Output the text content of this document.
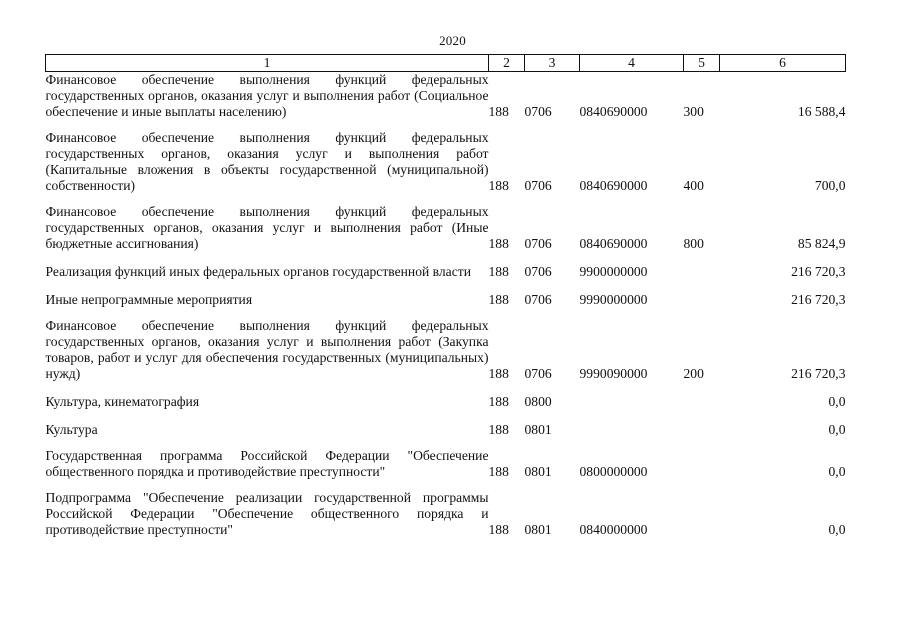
2020
1	2	3	4	5	6
Финансовое обеспечение выполнения функций федеральных государственных органов, оказания услуг и выполнения работ (Социальное обеспечение и иные выплаты населению)	188	0706	0840690000	300	16 588,4
Финансовое обеспечение выполнения функций федеральных государственных органов, оказания услуг и выполнения работ (Капитальные вложения в объекты государственной (муниципальной) собственности)	188	0706	0840690000	400	700,0
Финансовое обеспечение выполнения функций федеральных государственных органов, оказания услуг и выполнения работ (Иные бюджетные ассигнования)	188	0706	0840690000	800	85 824,9
Реализация функций иных федеральных органов государственной власти	188	0706	9900000000		216 720,3
Иные непрограммные мероприятия	188	0706	9990000000		216 720,3
Финансовое обеспечение выполнения функций федеральных государственных органов, оказания услуг и выполнения работ (Закупка товаров, работ и услуг для обеспечения государственных (муниципальных) нужд)	188	0706	9990090000	200	216 720,3
Культура, кинематография	188	0800			0,0
Культура	188	0801			0,0
Государственная программа Российской Федерации "Обеспечение общественного порядка и противодействие преступности"	188	0801	0800000000		0,0
Подпрограмма "Обеспечение реализации государственной программы Российской Федерации "Обеспечение общественного порядка и противодействие преступности"	188	0801	0840000000		0,0
